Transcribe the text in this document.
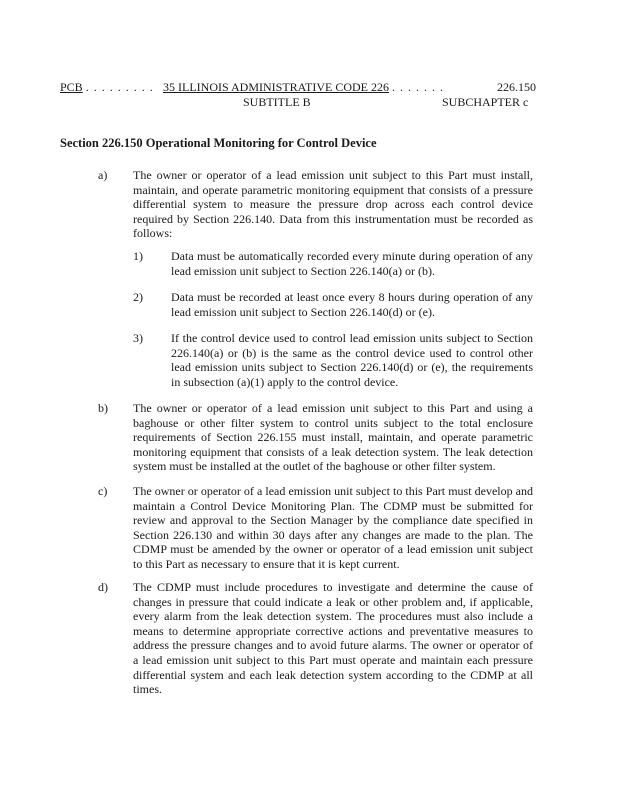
PCB . . . . . . . . . 35 ILLINOIS ADMINISTRATIVE CODE 226 . . . . . . .	226.150
SUBTITLE B	SUBCHAPTER c
Section 226.150 Operational Monitoring for Control Device
a) The owner or operator of a lead emission unit subject to this Part must install, maintain, and operate parametric monitoring equipment that consists of a pressure differential system to measure the pressure drop across each control device required by Section 226.140. Data from this instrumentation must be recorded as follows:
1) Data must be automatically recorded every minute during operation of any lead emission unit subject to Section 226.140(a) or (b).
2) Data must be recorded at least once every 8 hours during operation of any lead emission unit subject to Section 226.140(d) or (e).
3) If the control device used to control lead emission units subject to Section 226.140(a) or (b) is the same as the control device used to control other lead emission units subject to Section 226.140(d) or (e), the requirements in subsection (a)(1) apply to the control device.
b) The owner or operator of a lead emission unit subject to this Part and using a baghouse or other filter system to control units subject to the total enclosure requirements of Section 226.155 must install, maintain, and operate parametric monitoring equipment that consists of a leak detection system. The leak detection system must be installed at the outlet of the baghouse or other filter system.
c) The owner or operator of a lead emission unit subject to this Part must develop and maintain a Control Device Monitoring Plan. The CDMP must be submitted for review and approval to the Section Manager by the compliance date specified in Section 226.130 and within 30 days after any changes are made to the plan. The CDMP must be amended by the owner or operator of a lead emission unit subject to this Part as necessary to ensure that it is kept current.
d) The CDMP must include procedures to investigate and determine the cause of changes in pressure that could indicate a leak or other problem and, if applicable, every alarm from the leak detection system. The procedures must also include a means to determine appropriate corrective actions and preventative measures to address the pressure changes and to avoid future alarms. The owner or operator of a lead emission unit subject to this Part must operate and maintain each pressure differential system and each leak detection system according to the CDMP at all times.
